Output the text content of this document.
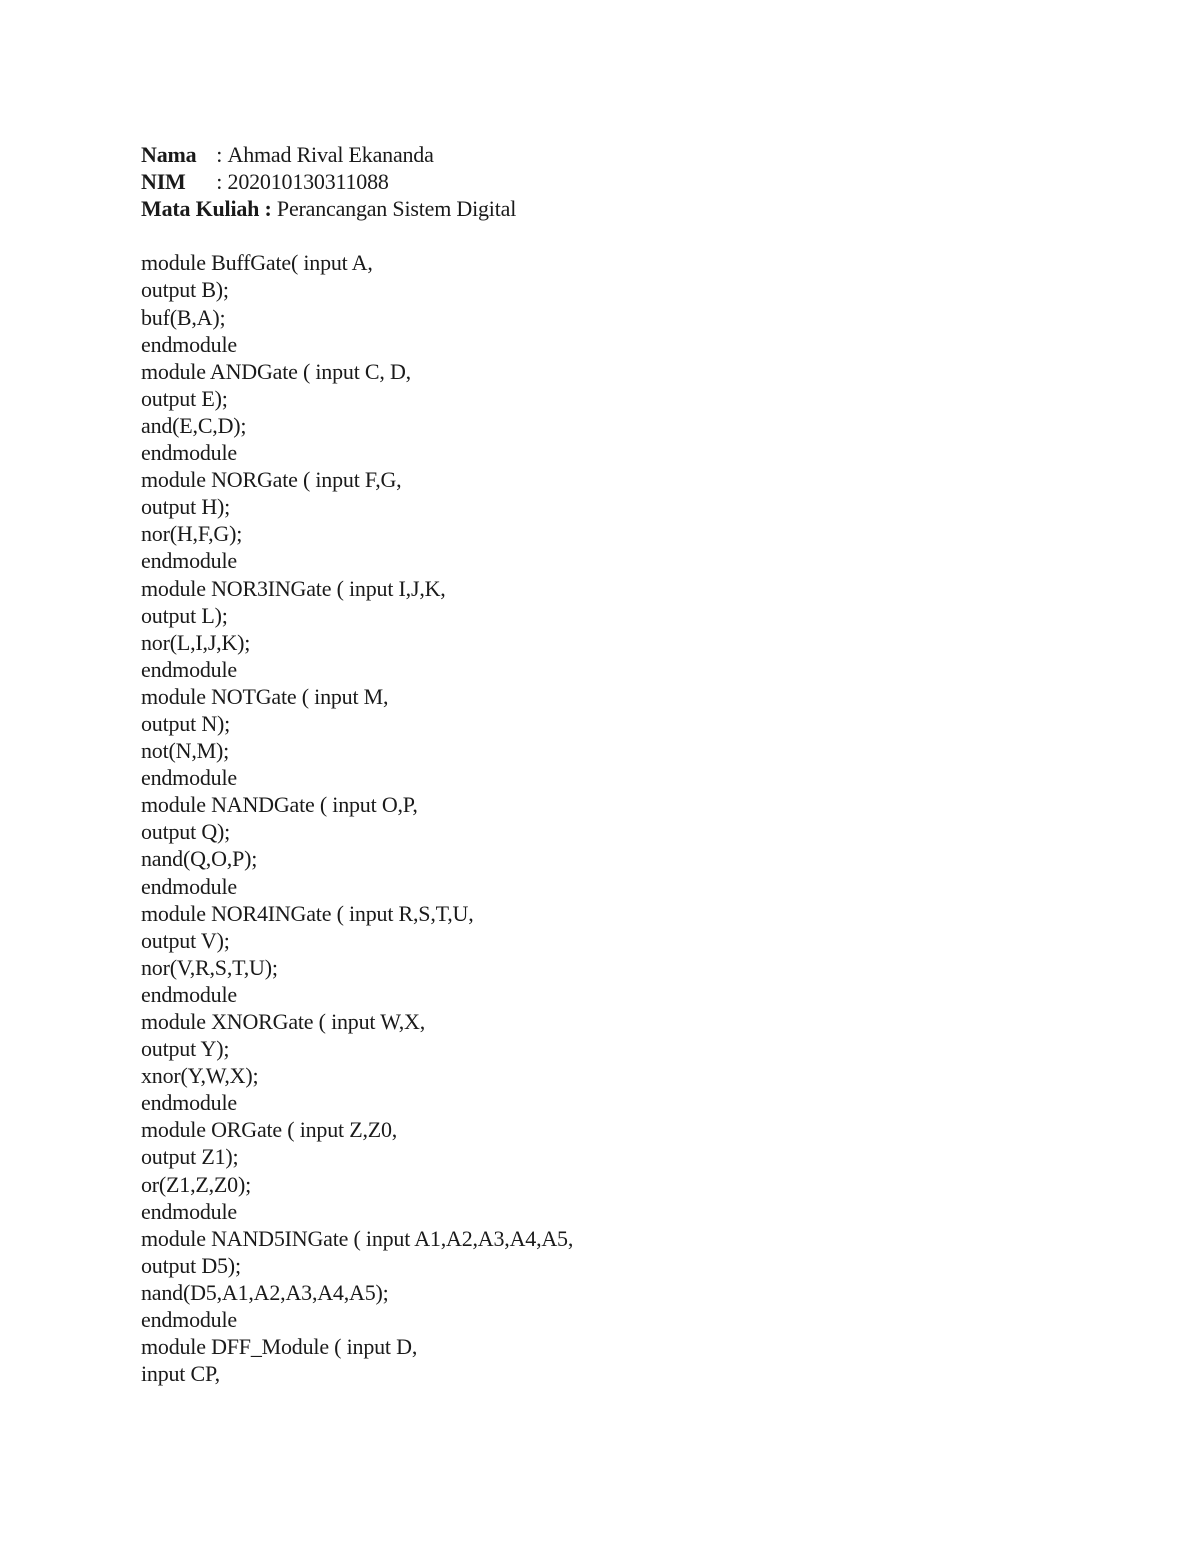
Nama : Ahmad Rival Ekananda
NIM : 202010130311088
Mata Kuliah : Perancangan Sistem Digital
module BuffGate( input A,
output B);
buf(B,A);
endmodule
module ANDGate ( input C, D,
output E);
and(E,C,D);
endmodule
module NORGate ( input F,G,
output H);
nor(H,F,G);
endmodule
module NOR3INGate ( input I,J,K,
output L);
nor(L,I,J,K);
endmodule
module NOTGate ( input M,
output N);
not(N,M);
endmodule
module NANDGate ( input O,P,
output Q);
nand(Q,O,P);
endmodule
module NOR4INGate ( input R,S,T,U,
output V);
nor(V,R,S,T,U);
endmodule
module XNORGate ( input W,X,
output Y);
xnor(Y,W,X);
endmodule
module ORGate ( input Z,Z0,
output Z1);
or(Z1,Z,Z0);
endmodule
module NAND5INGate ( input A1,A2,A3,A4,A5,
output D5);
nand(D5,A1,A2,A3,A4,A5);
endmodule
module DFF_Module ( input D,
input CP,
